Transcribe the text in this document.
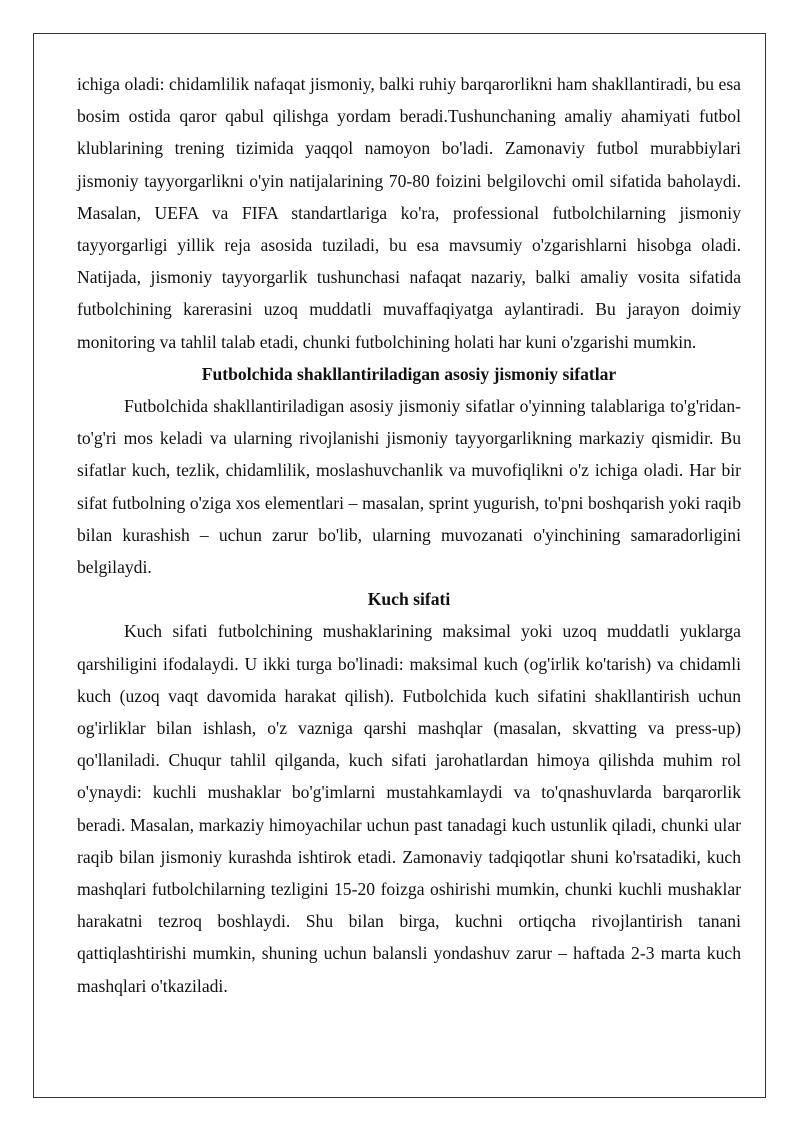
ichiga oladi: chidamlilik nafaqat jismoniy, balki ruhiy barqarorlikni ham shakllantiradi, bu esa bosim ostida qaror qabul qilishga yordam beradi.Tushunchaning amaliy ahamiyati futbol klublarining trening tizimida yaqqol namoyon bo'ladi. Zamonaviy futbol murabbiylari jismoniy tayyorgarlikni o'yin natijalarining 70-80 foizini belgilovchi omil sifatida baholaydi. Masalan, UEFA va FIFA standartlariga ko'ra, professional futbolchilarning jismoniy tayyorgarligi yillik reja asosida tuziladi, bu esa mavsumiy o'zgarishlarni hisobga oladi. Natijada, jismoniy tayyorgarlik tushunchasi nafaqat nazariy, balki amaliy vosita sifatida futbolchining karerasini uzoq muddatli muvaffaqiyatga aylantiradi. Bu jarayon doimiy monitoring va tahlil talab etadi, chunki futbolchining holati har kuni o'zgarishi mumkin.

Futbolchida shakllantiriladigan asosiy jismoniy sifatlar

Futbolchida shakllantiriladigan asosiy jismoniy sifatlar o'yinning talablariga to'g'ridan-to'g'ri mos keladi va ularning rivojlanishi jismoniy tayyorgarlikning markaziy qismidir. Bu sifatlar kuch, tezlik, chidamlilik, moslashuvchanlik va muvofiqlikni o'z ichiga oladi. Har bir sifat futbolning o'ziga xos elementlari – masalan, sprint yugurish, to'pni boshqarish yoki raqib bilan kurashish – uchun zarur bo'lib, ularning muvozanati o'yinchining samaradorligini belgilaydi.

Kuch sifati

Kuch sifati futbolchining mushaklarining maksimal yoki uzoq muddatli yuklarga qarshiligini ifodalaydi. U ikki turga bo'linadi: maksimal kuch (og'irlik ko'tarish) va chidamli kuch (uzoq vaqt davomida harakat qilish). Futbolchida kuch sifatini shakllantirish uchun og'irliklar bilan ishlash, o'z vazniga qarshi mashqlar (masalan, skvatting va press-up) qo'llaniladi. Chuqur tahlil qilganda, kuch sifati jarohatlardan himoya qilishda muhim rol o'ynaydi: kuchli mushaklar bo'g'imlarni mustahkamlaydi va to'qnashuvlarda barqarorlik beradi. Masalan, markaziy himoyachilar uchun past tanadagi kuch ustunlik qiladi, chunki ular raqib bilan jismoniy kurashda ishtirok etadi. Zamonaviy tadqiqotlar shuni ko'rsatadiki, kuch mashqlari futbolchilarning tezligini 15-20 foizga oshirishi mumkin, chunki kuchli mushaklar harakatni tezroq boshlaydi. Shu bilan birga, kuchni ortiqcha rivojlantirish tanani qattiqlashtirishi mumkin, shuning uchun balansli yondashuv zarur – haftada 2-3 marta kuch mashqlari o'tkaziladi.
